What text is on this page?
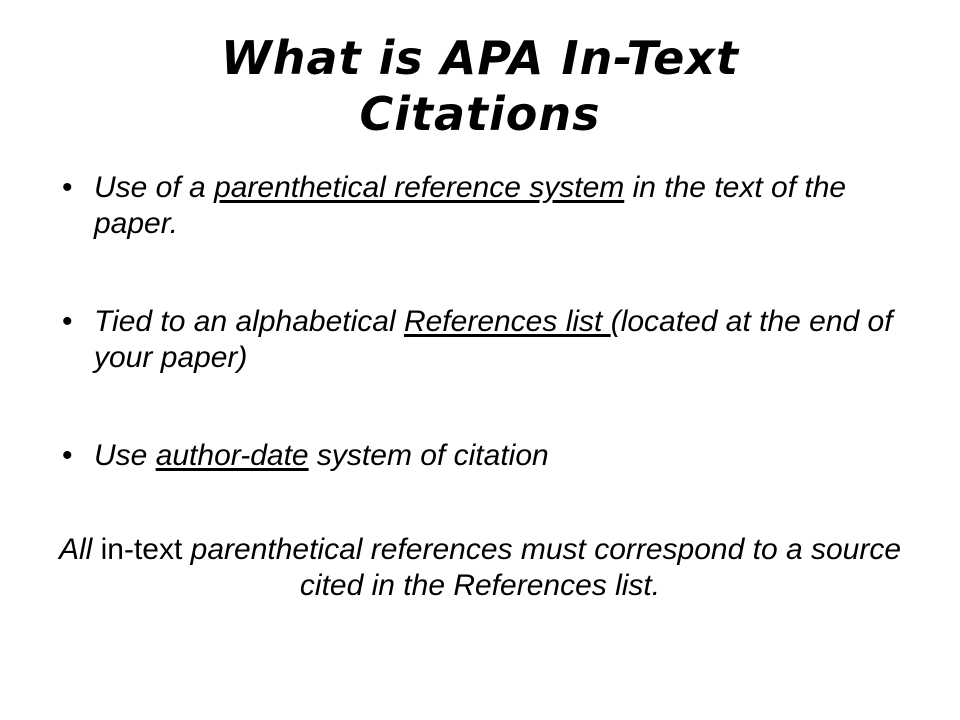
What is APA In-Text
Citations
• Use of a parenthetical reference system in the text of the paper.
• Tied to an alphabetical References list (located at the end of your paper)
• Use author-date system of citation

All in-text parenthetical references must correspond to a source cited in the References list.
